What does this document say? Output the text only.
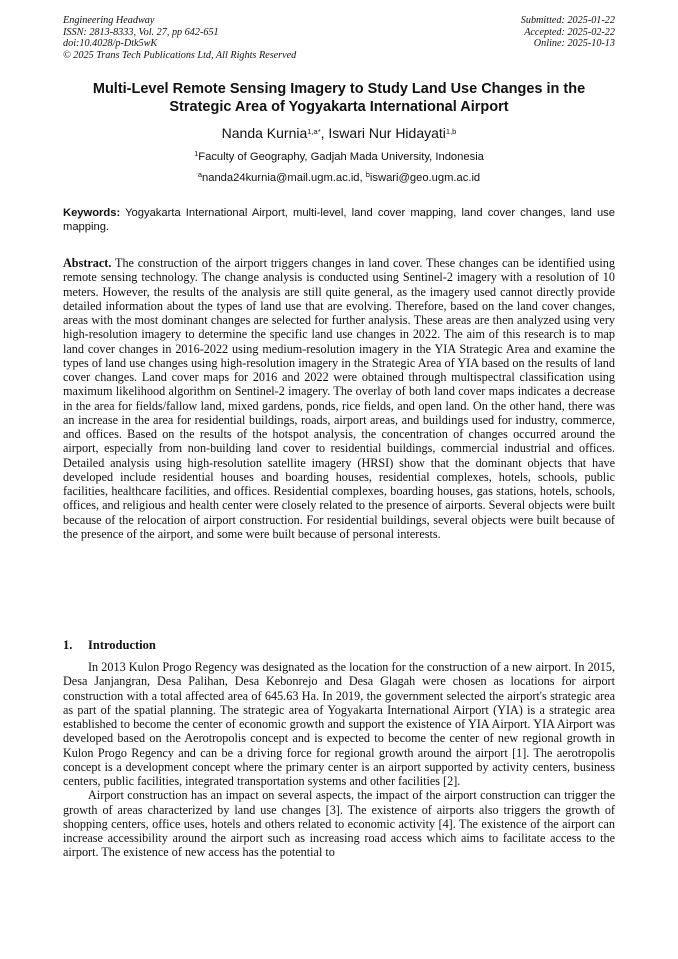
Engineering Headway
ISSN: 2813-8333, Vol. 27, pp 642-651
doi:10.4028/p-Dtk5wK
© 2025 Trans Tech Publications Ltd, All Rights Reserved
Submitted: 2025-01-22
Accepted: 2025-02-22
Online: 2025-10-13
Multi-Level Remote Sensing Imagery to Study Land Use Changes in the
Strategic Area of Yogyakarta International Airport
Nanda Kurnia$^{1,a*}$, Iswari Nur Hidayati$^{1,b}$
$^1$Faculty of Geography, Gadjah Mada University, Indonesia
$^a$nanda24kurnia@mail.ugm.ac.id, $^b$iswari@geo.ugm.ac.id
Keywords: Yogyakarta International Airport, multi-level, land cover mapping, land cover changes, land use mapping.

Abstract. The construction of the airport triggers changes in land cover. These changes can be identified using remote sensing technology. The change analysis is conducted using Sentinel-2 imagery with a resolution of 10 meters. However, the results of the analysis are still quite general, as the imagery used cannot directly provide detailed information about the types of land use that are evolving. Therefore, based on the land cover changes, areas with the most dominant changes are selected for further analysis. These areas are then analyzed using very high-resolution imagery to determine the specific land use changes in 2022. The aim of this research is to map land cover changes in 2016-2022 using medium-resolution imagery in the YIA Strategic Area and examine the types of land use changes using high-resolution imagery in the Strategic Area of YIA based on the results of land cover changes. Land cover maps for 2016 and 2022 were obtained through multispectral classification using maximum likelihood algorithm on Sentinel-2 imagery. The overlay of both land cover maps indicates a decrease in the area for fields/fallow land, mixed gardens, ponds, rice fields, and open land. On the other hand, there was an increase in the area for residential buildings, roads, airport areas, and buildings used for industry, commerce, and offices. Based on the results of the hotspot analysis, the concentration of changes occurred around the airport, especially from non-building land cover to residential buildings, commercial industrial and offices. Detailed analysis using high-resolution satellite imagery (HRSI) show that the dominant objects that have developed include residential houses and boarding houses, residential complexes, hotels, schools, public facilities, healthcare facilities, and offices. Residential complexes, boarding houses, gas stations, hotels, schools, offices, and religious and health center were closely related to the presence of airports. Several objects were built because of the relocation of airport construction. For residential buildings, several objects were built because of the presence of the airport, and some were built because of personal interests.

1. Introduction

In 2013 Kulon Progo Regency was designated as the location for the construction of a new airport. In 2015, Desa Janjangran, Desa Palihan, Desa Kebonrejo and Desa Glagah were chosen as locations for airport construction with a total affected area of 645.63 Ha. In 2019, the government selected the airport's strategic area as part of the spatial planning. The strategic area of Yogyakarta International Airport (YIA) is a strategic area established to become the center of economic growth and support the existence of YIA Airport. YIA Airport was developed based on the Aerotropolis concept and is expected to become the center of new regional growth in Kulon Progo Regency and can be a driving force for regional growth around the airport [1]. The aerotropolis concept is a development concept where the primary center is an airport supported by activity centers, business centers, public facilities, integrated transportation systems and other facilities [2].

Airport construction has an impact on several aspects, the impact of the airport construction can trigger the growth of areas characterized by land use changes [3]. The existence of airports also triggers the growth of shopping centers, office uses, hotels and others related to economic activity [4]. The existence of the airport can increase accessibility around the airport such as increasing road access which aims to facilitate access to the airport. The existence of new access has the potential to
